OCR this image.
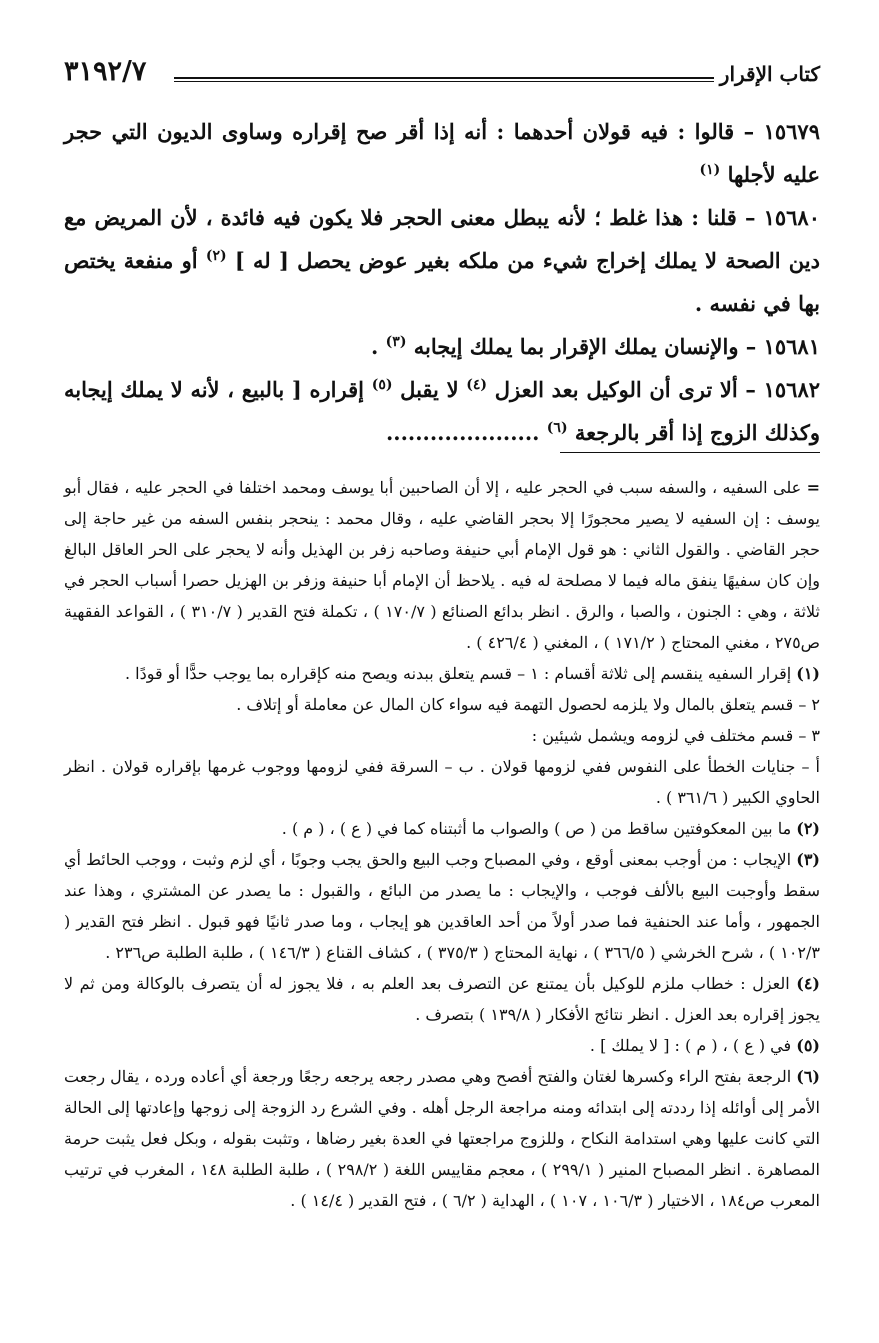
كتاب الإقرار
٣١٩٢/٧

١٥٦٧٩ – قالوا : فيه قولان أحدهما : أنه إذا أقر صح إقراره وساوى الديون التي حجر عليه لأجلها $^{(١)}$

١٥٦٨٠ – قلنا : هذا غلط ؛ لأنه يبطل معنى الحجر فلا يكون فيه فائدة ، لأن المريض مع دين الصحة لا يملك إخراج شيء من ملكه بغير عوض يحصل [ له ] $^{(٢)}$ أو منفعة يختص بها في نفسه .

١٥٦٨١ – والإنسان يملك الإقرار بما يملك إيجابه $^{(٣)}$ .

١٥٦٨٢ – ألا ترى أن الوكيل بعد العزل $^{(٤)}$ لا يقبل $^{(٥)}$ إقراره [ بالبيع ، لأنه لا يملك إيجابه وكذلك الزوج إذا أقر بالرجعة $^{(٦)}$ .....................

= على السفيه ، والسفه سبب في الحجر عليه ، إلا أن الصاحبين أبا يوسف ومحمد اختلفا في الحجر عليه ، فقال أبو يوسف : إن السفيه لا يصير محجورًا إلا بحجر القاضي عليه ، وقال محمد : ينحجر بنفس السفه من غير حاجة إلى حجر القاضي . والقول الثاني : هو قول الإمام أبي حنيفة وصاحبه زفر بن الهذيل وأنه لا يحجر على الحر العاقل البالغ وإن كان سفيهًا ينفق ماله فيما لا مصلحة له فيه . يلاحظ أن الإمام أبا حنيفة وزفر بن الهزيل حصرا أسباب الحجر في ثلاثة ، وهي : الجنون ، والصبا ، والرق . انظر بدائع الصنائع ( ١٧٠/٧ ) ، تكملة فتح القدير ( ٣١٠/٧ ) ، القواعد الفقهية ص٢٧٥ ، مغني المحتاج ( ١٧١/٢ ) ، المغني ( ٤٢٦/٤ ) .

(١) إقرار السفيه ينقسم إلى ثلاثة أقسام : ١ – قسم يتعلق ببدنه ويصح منه كإقراره بما يوجب حدًّا أو قودًا .

٢ – قسم يتعلق بالمال ولا يلزمه لحصول التهمة فيه سواء كان المال عن معاملة أو إتلاف .

٣ – قسم مختلف في لزومه ويشمل شيئين :

أ – جنايات الخطأ على النفوس ففي لزومها قولان . ب – السرقة ففي لزومها ووجوب غرمها بإقراره قولان . انظر الحاوي الكبير ( ٣٦١/٦ ) .

(٢) ما بين المعكوفتين ساقط من ( ص ) والصواب ما أثبتناه كما في ( ع ) ، ( م ) .

(٣) الإيجاب : من أوجب بمعنى أوقع ، وفي المصباح وجب البيع والحق يجب وجوبًا ، أي لزم وثبت ، ووجب الحائط أي سقط وأوجبت البيع بالألف فوجب ، والإيجاب : ما يصدر من البائع ، والقبول : ما يصدر عن المشتري ، وهذا عند الجمهور ، وأما عند الحنفية فما صدر أولاً من أحد العاقدين هو إيجاب ، وما صدر ثانيًا فهو قبول . انظر فتح القدير ( ١٠٢/٣ ) ، شرح الخرشي ( ٣٦٦/٥ ) ، نهاية المحتاج ( ٣٧٥/٣ ) ، كشاف القناع ( ١٤٦/٣ ) ، طلبة الطلبة ص٢٣٦ .

(٤) العزل : خطاب ملزم للوكيل بأن يمتنع عن التصرف بعد العلم به ، فلا يجوز له أن يتصرف بالوكالة ومن ثم لا يجوز إقراره بعد العزل . انظر نتائج الأفكار ( ١٣٩/٨ ) بتصرف .

(٥) في ( ع ) ، ( م ) : [ لا يملك ] .

(٦) الرجعة بفتح الراء وكسرها لغتان والفتح أفصح وهي مصدر رجعه يرجعه رجعًا ورجعة أي أعاده ورده ، يقال رجعت الأمر إلى أوائله إذا رددته إلى ابتدائه ومنه مراجعة الرجل أهله . وفي الشرع رد الزوجة إلى زوجها وإعادتها إلى الحالة التي كانت عليها وهي استدامة النكاح ، وللزوج مراجعتها في العدة بغير رضاها ، وتثبت بقوله ، وبكل فعل يثبت حرمة المصاهرة . انظر المصباح المنير ( ٢٩٩/١ ) ، معجم مقاييس اللغة ( ٢٩٨/٢ ) ، طلبة الطلبة ١٤٨ ، المغرب في ترتيب المعرب ص١٨٤ ، الاختيار ( ١٠٦/٣ ، ١٠٧ ) ، الهداية ( ٦/٢ ) ، فتح القدير ( ١٤/٤ ) .
